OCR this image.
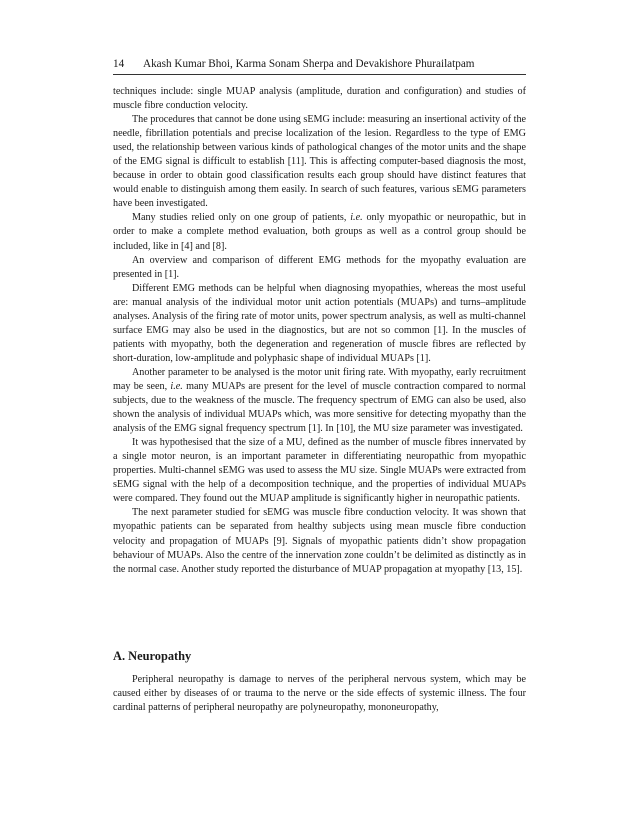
14 Akash Kumar Bhoi, Karma Sonam Sherpa and Devakishore Phurailatpam

techniques include: single MUAP analysis (amplitude, duration and configuration) and studies of muscle fibre conduction velocity.

The procedures that cannot be done using sEMG include: measuring an insertional activity of the needle, fibrillation potentials and precise localization of the lesion. Regardless to the type of EMG used, the relationship between various kinds of pathological changes of the motor units and the shape of the EMG signal is difficult to establish [11]. This is affecting computer-based diagnosis the most, because in order to obtain good classification results each group should have distinct features that would enable to distinguish among them easily. In search of such features, various sEMG parameters have been investigated.

Many studies relied only on one group of patients, i.e. only myopathic or neuropathic, but in order to make a complete method evaluation, both groups as well as a control group should be included, like in [4] and [8].

An overview and comparison of different EMG methods for the myopathy evaluation are presented in [1].

Different EMG methods can be helpful when diagnosing myopathies, whereas the most useful are: manual analysis of the individual motor unit action potentials (MUAPs) and turns–amplitude analyses. Analysis of the firing rate of motor units, power spectrum analysis, as well as multi-channel surface EMG may also be used in the diagnostics, but are not so common [1]. In the muscles of patients with myopathy, both the degeneration and regeneration of muscle fibres are reflected by short-duration, low-amplitude and polyphasic shape of individual MUAPs [1].

Another parameter to be analysed is the motor unit firing rate. With myopathy, early recruitment may be seen, i.e. many MUAPs are present for the level of muscle contraction compared to normal subjects, due to the weakness of the muscle. The frequency spectrum of EMG can also be used, also shown the analysis of individual MUAPs which, was more sensitive for detecting myopathy than the analysis of the EMG signal frequency spectrum [1]. In [10], the MU size parameter was investigated.

It was hypothesised that the size of a MU, defined as the number of muscle fibres innervated by a single motor neuron, is an important parameter in differentiating neuropathic from myopathic properties. Multi-channel sEMG was used to assess the MU size. Single MUAPs were extracted from sEMG signal with the help of a decomposition technique, and the properties of individual MUAPs were compared. They found out the MUAP amplitude is significantly higher in neuropathic patients.

The next parameter studied for sEMG was muscle fibre conduction velocity. It was shown that myopathic patients can be separated from healthy subjects using mean muscle fibre conduction velocity and propagation of MUAPs [9]. Signals of myopathic patients didn’t show propagation behaviour of MUAPs. Also the centre of the innervation zone couldn’t be delimited as distinctly as in the normal case. Another study reported the disturbance of MUAP propagation at myopathy [13, 15].

A. Neuropathy

Peripheral neuropathy is damage to nerves of the peripheral nervous system, which may be caused either by diseases of or trauma to the nerve or the side effects of systemic illness. The four cardinal patterns of peripheral neuropathy are polyneuropathy, mononeuropathy,
